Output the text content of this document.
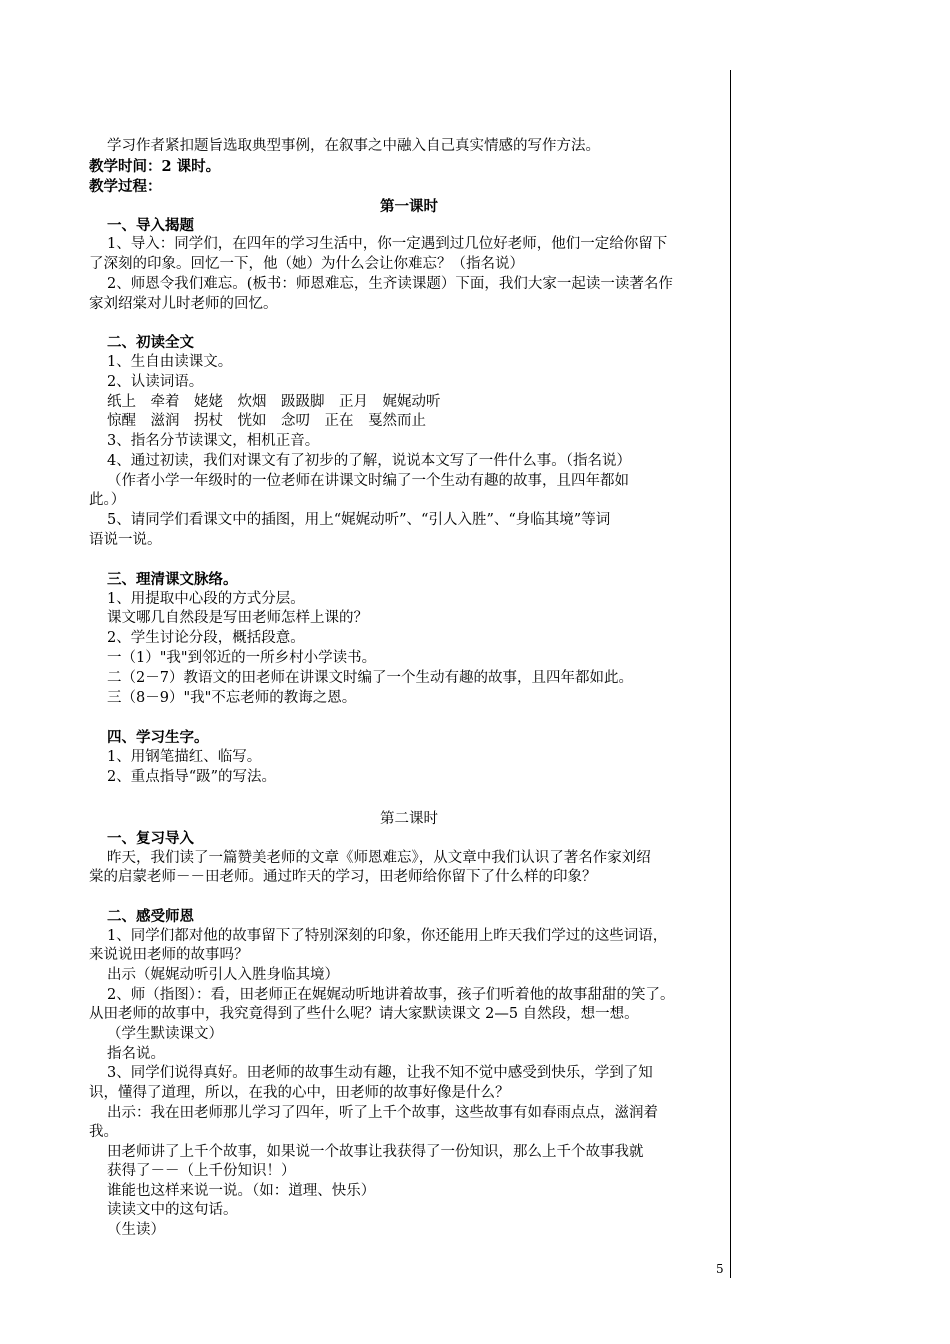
学习作者紧扣题旨选取典型事例，在叙事之中融入自己真实情感的写作方法。
教学时间：2 课时。
教学过程：
第一课时
一、导入揭题
1、导入：同学们，在四年的学习生活中，你一定遇到过几位好老师，他们一定给你留下
了深刻的印象。回忆一下，他（她）为什么会让你难忘？（指名说）
2、师恩令我们难忘。(板书：师恩难忘，生齐读课题）下面，我们大家一起读一读著名作
家刘绍棠对儿时老师的回忆。
二、初读全文
1、生自由读课文。
2、认读词语。
纸上　牵着　姥姥　炊烟　趿趿脚　正月　娓娓动听
惊醒　滋润　拐杖　恍如　念叨　正在　戛然而止
3、指名分节读课文，相机正音。
4、通过初读，我们对课文有了初步的了解，说说本文写了一件什么事。（指名说）
（作者小学一年级时的一位老师在讲课文时编了一个生动有趣的故事，且四年都如
此。）
5、请同学们看课文中的插图，用上“娓娓动听”、“引人入胜”、“身临其境”等词
语说一说。
三、理清课文脉络。
1、用提取中心段的方式分层。
课文哪几自然段是写田老师怎样上课的？
2、学生讨论分段，概括段意。
一（1）"我"到邻近的一所乡村小学读书。
二（2－7）教语文的田老师在讲课文时编了一个生动有趣的故事，且四年都如此。
三（8－9）"我"不忘老师的教诲之恩。
四、学习生字。
1、用钢笔描红、临写。
2、重点指导“趿”的写法。
第二课时
一、复习导入
昨天，我们读了一篇赞美老师的文章《师恩难忘》，从文章中我们认识了著名作家刘绍
棠的启蒙老师－－田老师。通过昨天的学习，田老师给你留下了什么样的印象？
二、感受师恩
1、同学们都对他的故事留下了特别深刻的印象，你还能用上昨天我们学过的这些词语，
来说说田老师的故事吗？
出示（娓娓动听引人入胜身临其境）
2、师（指图）：看，田老师正在娓娓动听地讲着故事，孩子们听着他的故事甜甜的笑了。
从田老师的故事中，我究竟得到了些什么呢？请大家默读课文 2—5 自然段，想一想。
（学生默读课文）
指名说。
3、同学们说得真好。田老师的故事生动有趣，让我不知不觉中感受到快乐，学到了知
识，懂得了道理，所以，在我的心中，田老师的故事好像是什么？
出示：我在田老师那儿学习了四年，听了上千个故事，这些故事有如春雨点点，滋润着
我。
田老师讲了上千个故事，如果说一个故事让我获得了一份知识，那么上千个故事我就
获得了－－（上千份知识！）
谁能也这样来说一说。（如：道理、快乐）
读读文中的这句话。
（生读）
5
